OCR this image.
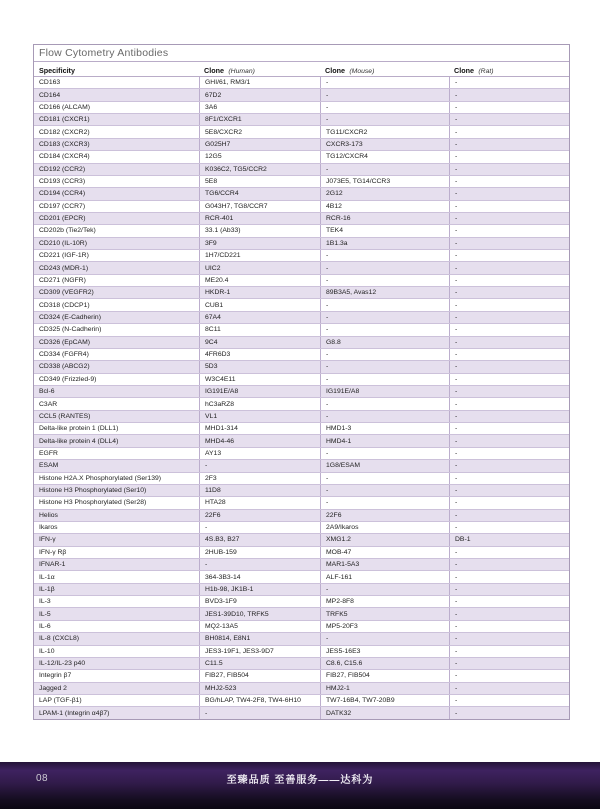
Flow Cytometry Antibodies
Specificity	Clone (Human)	Clone (Mouse)	Clone (Rat)
CD163	GHI/61, RM3/1	-	-
CD164	67D2	-	-
CD166 (ALCAM)	3A6	-	-
CD181 (CXCR1)	8F1/CXCR1	-	-
CD182 (CXCR2)	5E8/CXCR2	TG11/CXCR2	-
CD183 (CXCR3)	G025H7	CXCR3-173	-
CD184 (CXCR4)	12G5	TG12/CXCR4	-
CD192 (CCR2)	K036C2, TG5/CCR2	-	-
CD193 (CCR3)	5E8	J073E5, TG14/CCR3	-
CD194 (CCR4)	TG6/CCR4	2G12	-
CD197 (CCR7)	G043H7, TG8/CCR7	4B12	-
CD201 (EPCR)	RCR-401	RCR-16	-
CD202b (Tie2/Tek)	33.1 (Ab33)	TEK4	-
CD210 (IL-10R)	3F9	1B1.3a	-
CD221 (IGF-1R)	1H7/CD221	-	-
CD243 (MDR-1)	UIC2	-	-
CD271 (NGFR)	ME20.4	-	-
CD309 (VEGFR2)	HKDR-1	89B3A5, Avas12	-
CD318 (CDCP1)	CUB1	-	-
CD324 (E-Cadherin)	67A4	-	-
CD325 (N-Cadherin)	8C11	-	-
CD326 (EpCAM)	9C4	G8.8	-
CD334 (FGFR4)	4FR6D3	-	-
CD338 (ABCG2)	5D3	-	-
CD349 (Frizzled-9)	W3C4E11	-	-
Bcl-6	IG191E/A8	IG191E/A8	-
C3AR	hC3aRZ8	-	-
CCL5 (RANTES)	VL1	-	-
Delta-like protein 1 (DLL1)	MHD1-314	HMD1-3	-
Delta-like protein 4 (DLL4)	MHD4-46	HMD4-1	-
EGFR	AY13	-	-
ESAM	-	1G8/ESAM	-
Histone H2A.X Phosphorylated (Ser139)	2F3	-	-
Histone H3 Phosphorylated (Ser10)	11D8	-	-
Histone H3 Phosphorylated (Ser28)	HTA28	-	-
Helios	22F6	22F6	-
Ikaros	-	2A9/Ikaros	-
IFN-γ	4S.B3, B27	XMG1.2	DB-1
IFN-γ Rβ	2HUB-159	MOB-47	-
IFNAR-1	-	MAR1-5A3	-
IL-1α	364-3B3-14	ALF-161	-
IL-1β	H1b-98, JK1B-1	-	-
IL-3	BVD3-1F9	MP2-8F8	-
IL-5	JES1-39D10, TRFK5	TRFK5	-
IL-6	MQ2-13A5	MP5-20F3	-
IL-8 (CXCL8)	BH0814, E8N1	-	-
IL-10	JES3-19F1, JES3-9D7	JES5-16E3	-
IL-12/IL-23 p40	C11.5	C8.6, C15.6	-
Integrin β7	FIB27, FIB504	FIB27, FIB504	-
Jagged 2	MHJ2-523	HMJ2-1	-
LAP (TGF-β1)	BG/hLAP, TW4-2F8, TW4-6H10	TW7-16B4, TW7-20B9	-
LPAM-1 (Integrin α4β7)	-	DATK32	-
08	至臻品质 至善服务——达科为
